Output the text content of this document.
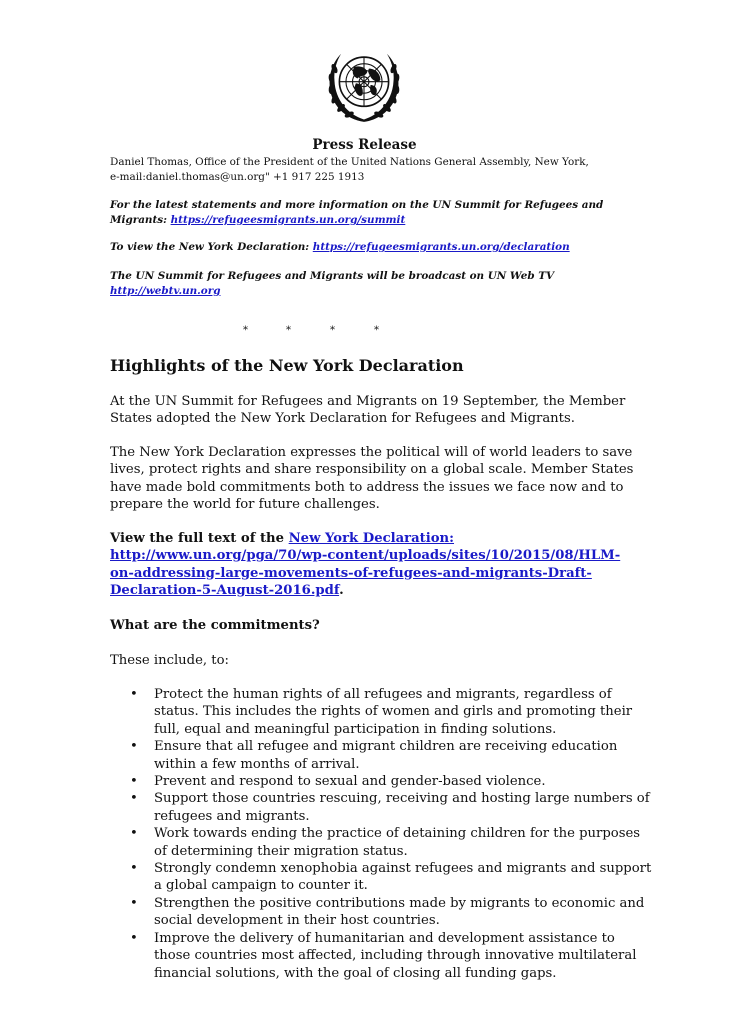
Press Release
Daniel Thomas, Office of the President of the United Nations General Assembly, New York,
e-mail:daniel.thomas@un.org" +1 917 225 1913
For the latest statements and more information on the UN Summit for Refugees and
Migrants: https://refugeesmigrants.un.org/summit
To view the New York Declaration: https://refugeesmigrants.un.org/declaration
The UN Summit for Refugees and Migrants will be broadcast on UN Web TV
http://webtv.un.org
*	*	*	*
Highlights of the New York Declaration
At the UN Summit for Refugees and Migrants on 19 September, the Member
States adopted the New York Declaration for Refugees and Migrants.
The New York Declaration expresses the political will of world leaders to save
lives, protect rights and share responsibility on a global scale. Member States
have made bold commitments both to address the issues we face now and to
prepare the world for future challenges.
View the full text of the New York Declaration:
http://www.un.org/pga/70/wp-content/uploads/sites/10/2015/08/HLM-
on-addressing-large-movements-of-refugees-and-migrants-Draft-
Declaration-5-August-2016.pdf.
What are the commitments?
These include, to:
• Protect the human rights of all refugees and migrants, regardless of
status. This includes the rights of women and girls and promoting their
full, equal and meaningful participation in finding solutions.
• Ensure that all refugee and migrant children are receiving education
within a few months of arrival.
• Prevent and respond to sexual and gender-based violence.
• Support those countries rescuing, receiving and hosting large numbers of
refugees and migrants.
• Work towards ending the practice of detaining children for the purposes
of determining their migration status.
• Strongly condemn xenophobia against refugees and migrants and support
a global campaign to counter it.
• Strengthen the positive contributions made by migrants to economic and
social development in their host countries.
• Improve the delivery of humanitarian and development assistance to
those countries most affected, including through innovative multilateral
financial solutions, with the goal of closing all funding gaps.
